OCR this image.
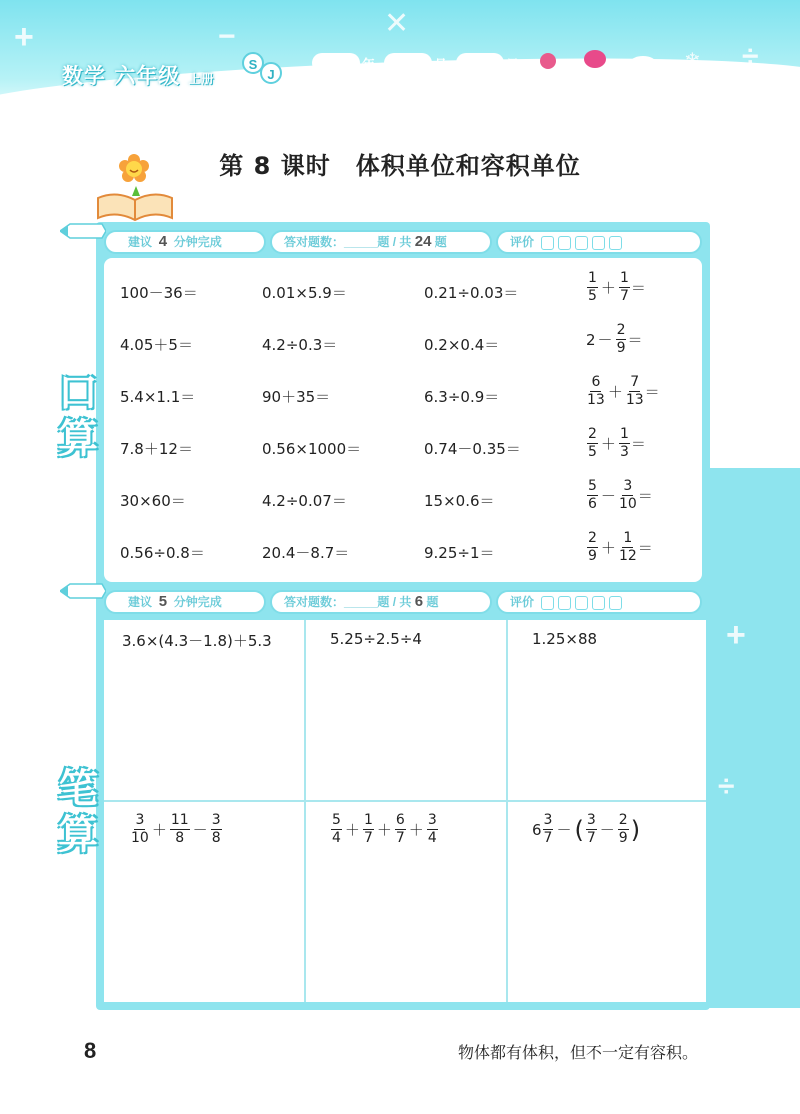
+	−	✕
÷
数学 六年级 上册
S
J
年	月	日	❄
第 8 课时　体积单位和容积单位
+
÷
建议 4 分钟完成	答对题数：_____题 / 共 24 题	评价
口
算
100－36＝	0.01×5.9＝	0.21÷0.03＝	$\frac{1}{5} + \frac{1}{7}$ ＝
4.05＋5＝	4.2÷0.3＝	0.2×0.4＝	$2 - \frac{2}{9}$ ＝
5.4×1.1＝	90＋35＝	6.3÷0.9＝	$\frac{6}{13} + \frac{7}{13}$ ＝
7.8＋12＝	0.56×1000＝	0.74－0.35＝	$\frac{2}{5} + \frac{1}{3}$ ＝
30×60＝	4.2÷0.07＝	15×0.6＝	$\frac{5}{6} - \frac{3}{10}$ ＝
0.56÷0.8＝	20.4－8.7＝	9.25÷1＝	$\frac{2}{9} + \frac{1}{12}$ ＝
建议 5 分钟完成	答对题数：_____题 / 共 6 题	评价
笔
算
3.6×(4.3－1.8)＋5.3	5.25÷2.5÷4	1.25×88
$\frac{3}{10} + \frac{11}{8} - \frac{3}{8}$	$\frac{5}{4} + \frac{1}{7} + \frac{6}{7} + \frac{3}{4}$	$6 \frac{3}{7}$ － ( $\frac{3}{7} - \frac{2}{9}$ )
8	物体都有体积，但不一定有容积。
